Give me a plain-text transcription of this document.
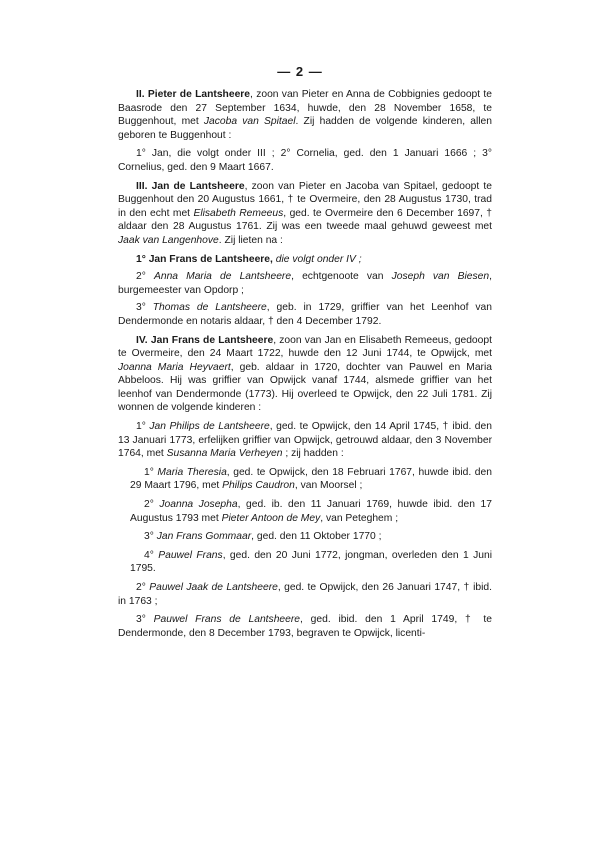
— 2 —

II. Pieter de Lantsheere, zoon van Pieter en Anna de Cobbignies gedoopt te Baasrode den 27 September 1634, huwde, den 28 November 1658, te Buggenhout, met Jacoba van Spitael. Zij hadden de volgende kinderen, allen geboren te Buggenhout :

1° Jan, die volgt onder III ; 2° Cornelia, ged. den 1 Januari 1666 ; 3° Cornelius, ged. den 9 Maart 1667.

III. Jan de Lantsheere, zoon van Pieter en Jacoba van Spitael, gedoopt te Buggenhout den 20 Augustus 1661, † te Overmeire, den 28 Augustus 1730, trad in den echt met Elisabeth Remeeus, ged. te Overmeire den 6 December 1697, † aldaar den 28 Augustus 1761. Zij was een tweede maal gehuwd geweest met Jaak van Langenhove. Zij lieten na :

1° Jan Frans de Lantsheere, die volgt onder IV ;

2° Anna Maria de Lantsheere, echtgenoote van Joseph van Biesen, burgemeester van Opdorp ;

3° Thomas de Lantsheere, geb. in 1729, griffier van het Leenhof van Dendermonde en notaris aldaar, † den 4 December 1792.

IV. Jan Frans de Lantsheere, zoon van Jan en Elisabeth Remeeus, gedoopt te Overmeire, den 24 Maart 1722, huwde den 12 Juni 1744, te Opwijck, met Joanna Maria Heyvaert, geb. aldaar in 1720, dochter van Pauwel en Maria Abbeloos. Hij was griffier van Opwijck vanaf 1744, alsmede griffier van het leenhof van Dendermonde (1773). Hij overleed te Opwijck, den 22 Juli 1781. Zij wonnen de volgende kinderen :

1° Jan Philips de Lantsheere, ged. te Opwijck, den 14 April 1745, † ibid. den 13 Januari 1773, erfelijken griffier van Opwijck, getrouwd aldaar, den 3 November 1764, met Susanna Maria Verheyen ; zij hadden :

1° Maria Theresia, ged. te Opwijck, den 18 Februari 1767, huwde ibid. den 29 Maart 1796, met Philips Caudron, van Moorsel ;

2° Joanna Josepha, ged. ib. den 11 Januari 1769, huwde ibid. den 17 Augustus 1793 met Pieter Antoon de Mey, van Peteghem ;

3° Jan Frans Gommaar, ged. den 11 Oktober 1770 ;

4° Pauwel Frans, ged. den 20 Juni 1772, jongman, overleden den 1 Juni 1795.

2° Pauwel Jaak de Lantsheere, ged. te Opwijck, den 26 Januari 1747, † ibid. in 1763 ;

3° Pauwel Frans de Lantsheere, ged. ibid. den 1 April 1749, † te Dendermonde, den 8 December 1793, begraven te Opwijck, licenti-
